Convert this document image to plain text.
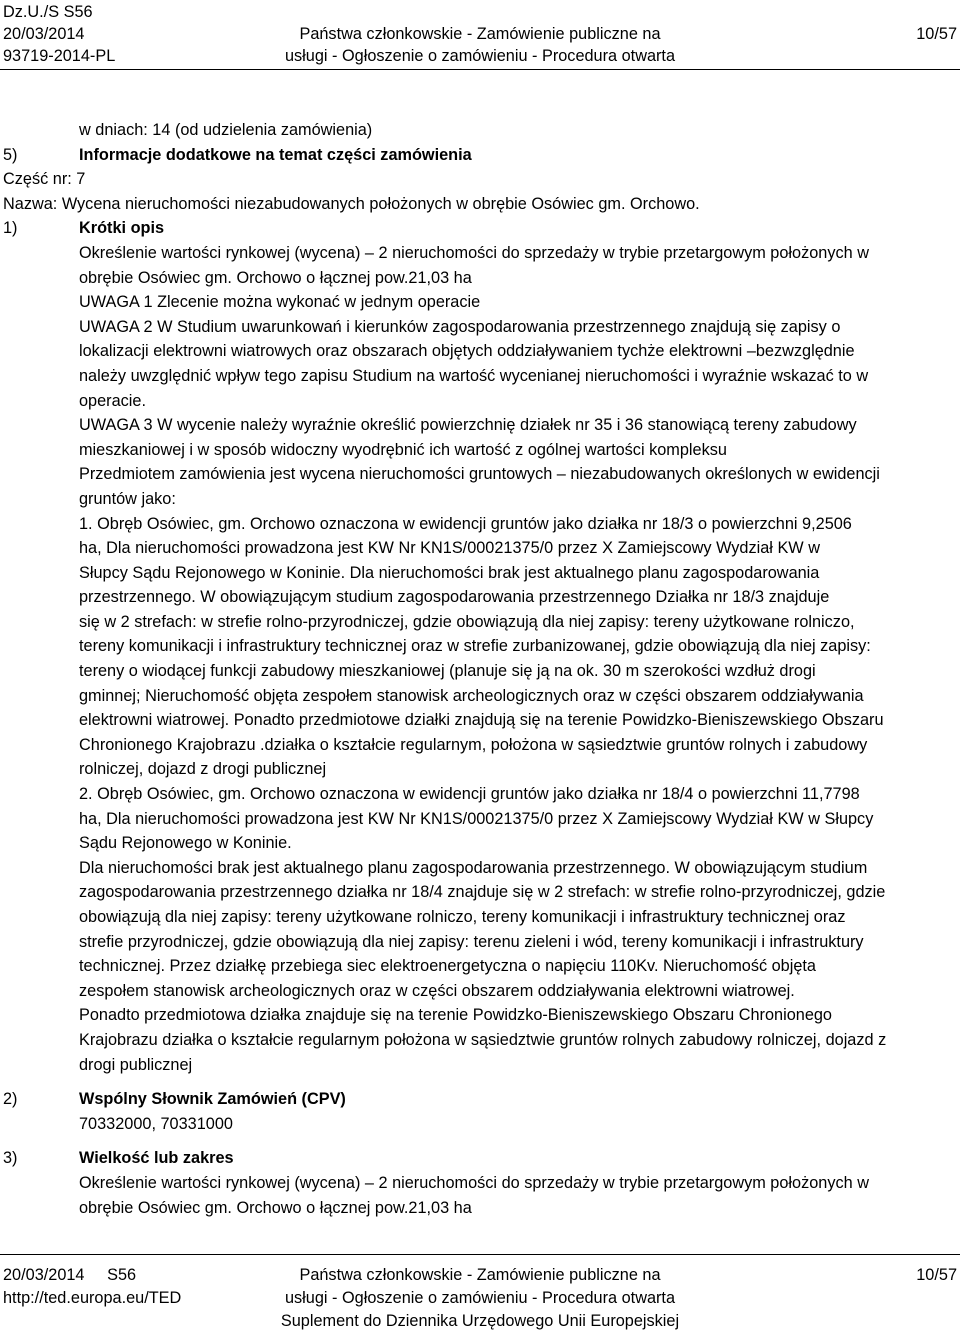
Dz.U./S S56
20/03/2014
93719-2014-PL
Państwa członkowskie - Zamówienie publiczne na
usługi - Ogłoszenie o zamówieniu - Procedura otwarta
10/57
w dniach: 14 (od udzielenia zamówienia)
5)	Informacje dodatkowe na temat części zamówienia
Część nr: 7
Nazwa: Wycena nieruchomości niezabudowanych położonych w obrębie Osówiec gm. Orchowo.
1)	Krótki opis
Określenie wartości rynkowej (wycena) – 2 nieruchomości do sprzedaży w trybie przetargowym położonych w
obrębie Osówiec gm. Orchowo o łącznej pow.21,03 ha
UWAGA 1 Zlecenie można wykonać w jednym operacie
UWAGA 2 W Studium uwarunkowań i kierunków zagospodarowania przestrzennego znajdują się zapisy o
lokalizacji elektrowni wiatrowych oraz obszarach objętych oddziaływaniem tychże elektrowni –bezwzględnie
należy uwzględnić wpływ tego zapisu Studium na wartość wycenianej nieruchomości i wyraźnie wskazać to w
operacie.
UWAGA 3 W wycenie należy wyraźnie określić powierzchnię działek nr 35 i 36 stanowiącą tereny zabudowy
mieszkaniowej i w sposób widoczny wyodrębnić ich wartość z ogólnej wartości kompleksu
Przedmiotem zamówienia jest wycena nieruchomości gruntowych – niezabudowanych określonych w ewidencji
gruntów jako:
1. Obręb Osówiec, gm. Orchowo oznaczona w ewidencji gruntów jako działka nr 18/3 o powierzchni 9,2506
ha, Dla nieruchomości prowadzona jest KW Nr KN1S/00021375/0 przez X Zamiejscowy Wydział KW w
Słupcy Sądu Rejonowego w Koninie. Dla nieruchomości brak jest aktualnego planu zagospodarowania
przestrzennego. W obowiązującym studium zagospodarowania przestrzennego Działka nr 18/3 znajduje
się w 2 strefach: w strefie rolno-przyrodniczej, gdzie obowiązują dla niej zapisy: tereny użytkowane rolniczo,
tereny komunikacji i infrastruktury technicznej oraz w strefie zurbanizowanej, gdzie obowiązują dla niej zapisy:
tereny o wiodącej funkcji zabudowy mieszkaniowej (planuje się ją na ok. 30 m szerokości wzdłuż drogi
gminnej; Nieruchomość objęta zespołem stanowisk archeologicznych oraz w części obszarem oddziaływania
elektrowni wiatrowej. Ponadto przedmiotowe działki znajdują się na terenie Powidzko-Bieniszewskiego Obszaru
Chronionego Krajobrazu .działka o kształcie regularnym, położona w sąsiedztwie gruntów rolnych i zabudowy
rolniczej, dojazd z drogi publicznej
2. Obręb Osówiec, gm. Orchowo oznaczona w ewidencji gruntów jako działka nr 18/4 o powierzchni 11,7798
ha, Dla nieruchomości prowadzona jest KW Nr KN1S/00021375/0 przez X Zamiejscowy Wydział KW w Słupcy
Sądu Rejonowego w Koninie.
Dla nieruchomości brak jest aktualnego planu zagospodarowania przestrzennego. W obowiązującym studium
zagospodarowania przestrzennego działka nr 18/4 znajduje się w 2 strefach: w strefie rolno-przyrodniczej, gdzie
obowiązują dla niej zapisy: tereny użytkowane rolniczo, tereny komunikacji i infrastruktury technicznej oraz
strefie przyrodniczej, gdzie obowiązują dla niej zapisy: terenu zieleni i wód, tereny komunikacji i infrastruktury
technicznej. Przez działkę przebiega siec elektroenergetyczna o napięciu 110Kv. Nieruchomość objęta
zespołem stanowisk archeologicznych oraz w części obszarem oddziaływania elektrowni wiatrowej.
Ponadto przedmiotowa działka znajduje się na terenie Powidzko-Bieniszewskiego Obszaru Chronionego
Krajobrazu działka o kształcie regularnym położona w sąsiedztwie gruntów rolnych zabudowy rolniczej, dojazd z
drogi publicznej
2)	Wspólny Słownik Zamówień (CPV)
70332000, 70331000
3)	Wielkość lub zakres
Określenie wartości rynkowej (wycena) – 2 nieruchomości do sprzedaży w trybie przetargowym położonych w
obrębie Osówiec gm. Orchowo o łącznej pow.21,03 ha
20/03/2014     S56
http://ted.europa.eu/TED
Państwa członkowskie - Zamówienie publiczne na
usługi - Ogłoszenie o zamówieniu - Procedura otwarta
Suplement do Dziennika Urzędowego Unii Europejskiej
10/57
